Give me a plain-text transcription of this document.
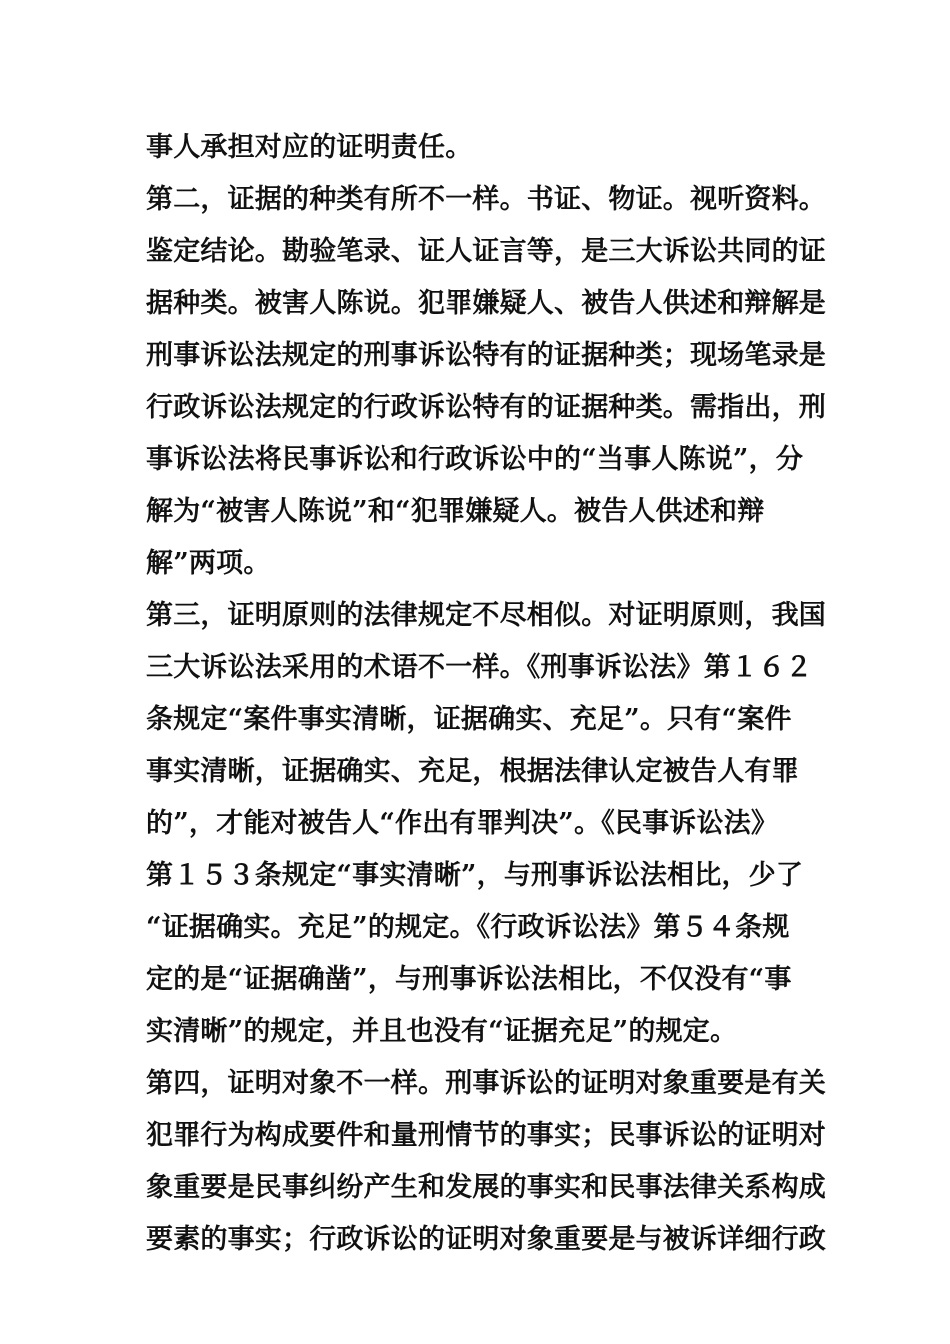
事人承担对应的证明责任。
第二，证据的种类有所不一样。书证、物证。视听资料。
鉴定结论。勘验笔录、证人证言等，是三大诉讼共同的证
据种类。被害人陈说。犯罪嫌疑人、被告人供述和辩解是
刑事诉讼法规定的刑事诉讼特有的证据种类；现场笔录是
行政诉讼法规定的行政诉讼特有的证据种类。需指出，刑
事诉讼法将民事诉讼和行政诉讼中的“当事人陈说”，分
解为“被害人陈说”和“犯罪嫌疑人。被告人供述和辩
解”两项。
第三，证明原则的法律规定不尽相似。对证明原则，我国
三大诉讼法采用的术语不一样。《刑事诉讼法》第１６２
条规定“案件事实清晰，证据确实、充足”。只有“案件
事实清晰，证据确实、充足，根据法律认定被告人有罪
的”，才能对被告人“作出有罪判决”。《民事诉讼法》
第１５３条规定“事实清晰”，与刑事诉讼法相比，少了
“证据确实。充足”的规定。《行政诉讼法》第５４条规
定的是“证据确凿”，与刑事诉讼法相比，不仅没有“事
实清晰”的规定，并且也没有“证据充足”的规定。
第四，证明对象不一样。刑事诉讼的证明对象重要是有关
犯罪行为构成要件和量刑情节的事实；民事诉讼的证明对
象重要是民事纠纷产生和发展的事实和民事法律关系构成
要素的事实；行政诉讼的证明对象重要是与被诉详细行政
